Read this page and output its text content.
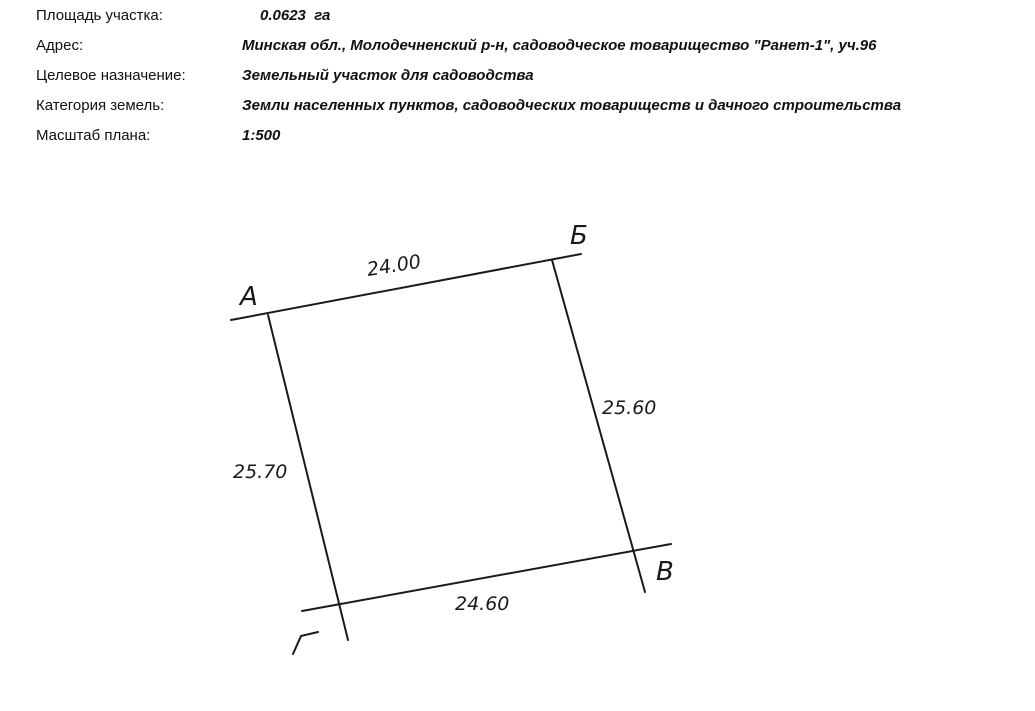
Площадь участка:	0.0623  га
Адрес:	Минская обл., Молодечненский р-н, садоводческое товарищество "Ранет-1", уч.96
Целевое назначение:	Земельный участок для садоводства
Категория земель:	Земли населенных пунктов, садоводческих товариществ и дачного строительства
Масштаб плана:	1:500
А
Б
В
24.00
25.60
24.60
25.70
